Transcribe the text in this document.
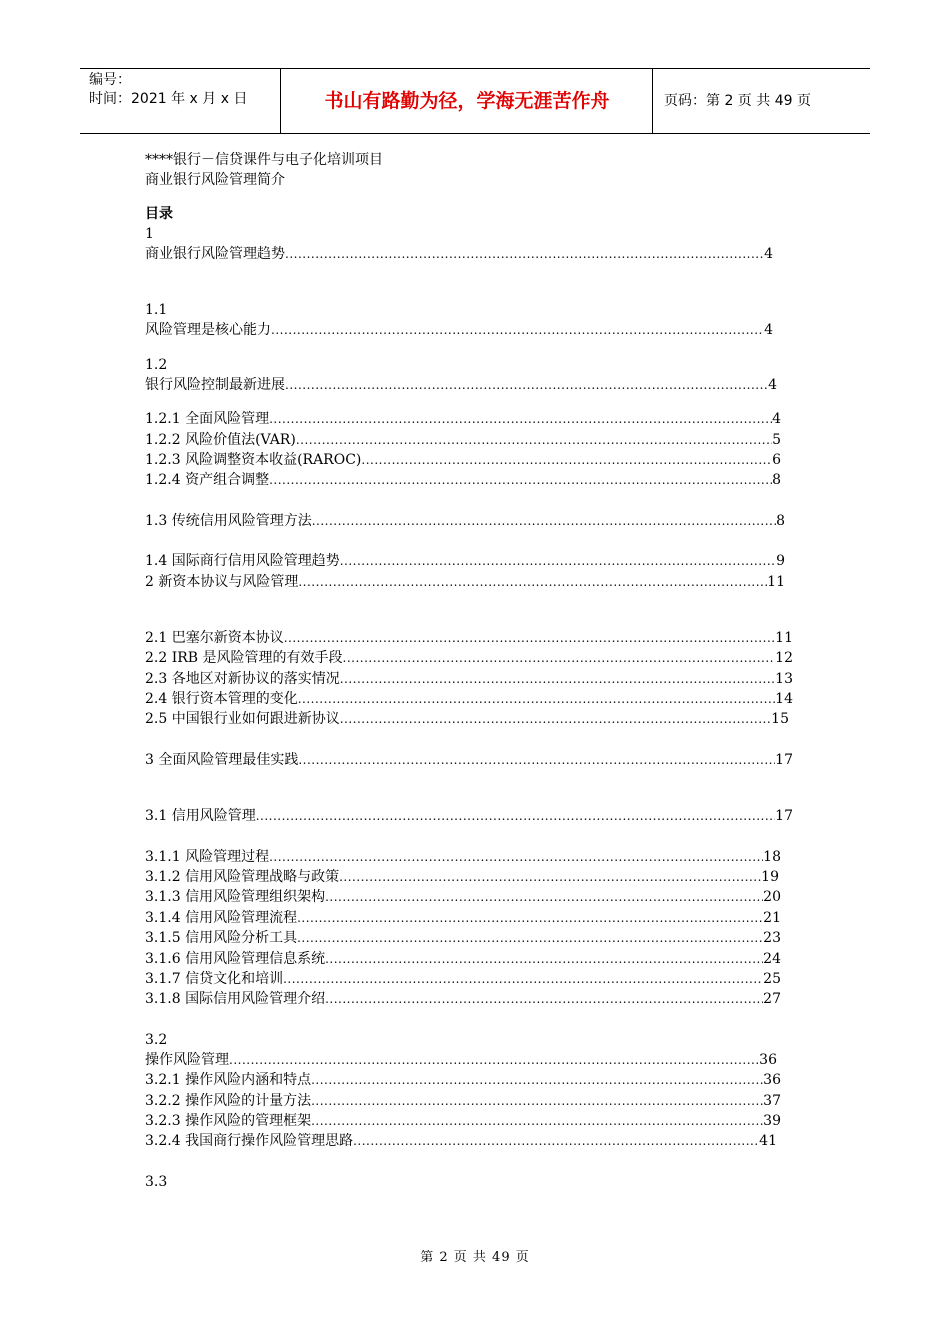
编号：
时间：2021 年 x 月 x 日	书山有路勤为径，学海无涯苦作舟	页码：第 2 页 共 49 页
****银行－信贷课件与电子化培训项目
商业银行风险管理简介
目录
1
商业银行风险管理趋势 .....	4
1.1
风险管理是核心能力 .....	4
1.2
银行风险控制最新进展 .....	4
1.2.1 全面风险管理 .....	4
1.2.2 风险价值法(VAR) .....	5
1.2.3 风险调整资本收益(RAROC) .....	6
1.2.4 资产组合调整 .....	8
1.3 传统信用风险管理方法 .....	8
1.4 国际商行信用风险管理趋势 .....	9
2 新资本协议与风险管理 .....	11
2.1 巴塞尔新资本协议 .....	11
2.2 IRB 是风险管理的有效手段 .....	12
2.3 各地区对新协议的落实情况 .....	13
2.4 银行资本管理的变化 .....	14
2.5 中国银行业如何跟进新协议 .....	15
3 全面风险管理最佳实践 .....	17
3.1 信用风险管理 .....	17
3.1.1 风险管理过程 .....	18
3.1.2 信用风险管理战略与政策 .....	19
3.1.3 信用风险管理组织架构 .....	20
3.1.4 信用风险管理流程 .....	21
3.1.5 信用风险分析工具 .....	23
3.1.6 信用风险管理信息系统 .....	24
3.1.7 信贷文化和培训 .....	25
3.1.8 国际信用风险管理介绍 .....	27
3.2
操作风险管理 .....	36
3.2.1 操作风险内涵和特点 .....	36
3.2.2 操作风险的计量方法 .....	37
3.2.3 操作风险的管理框架 .....	39
3.2.4 我国商行操作风险管理思路 .....	41
3.3
第 2 页 共 49 页
